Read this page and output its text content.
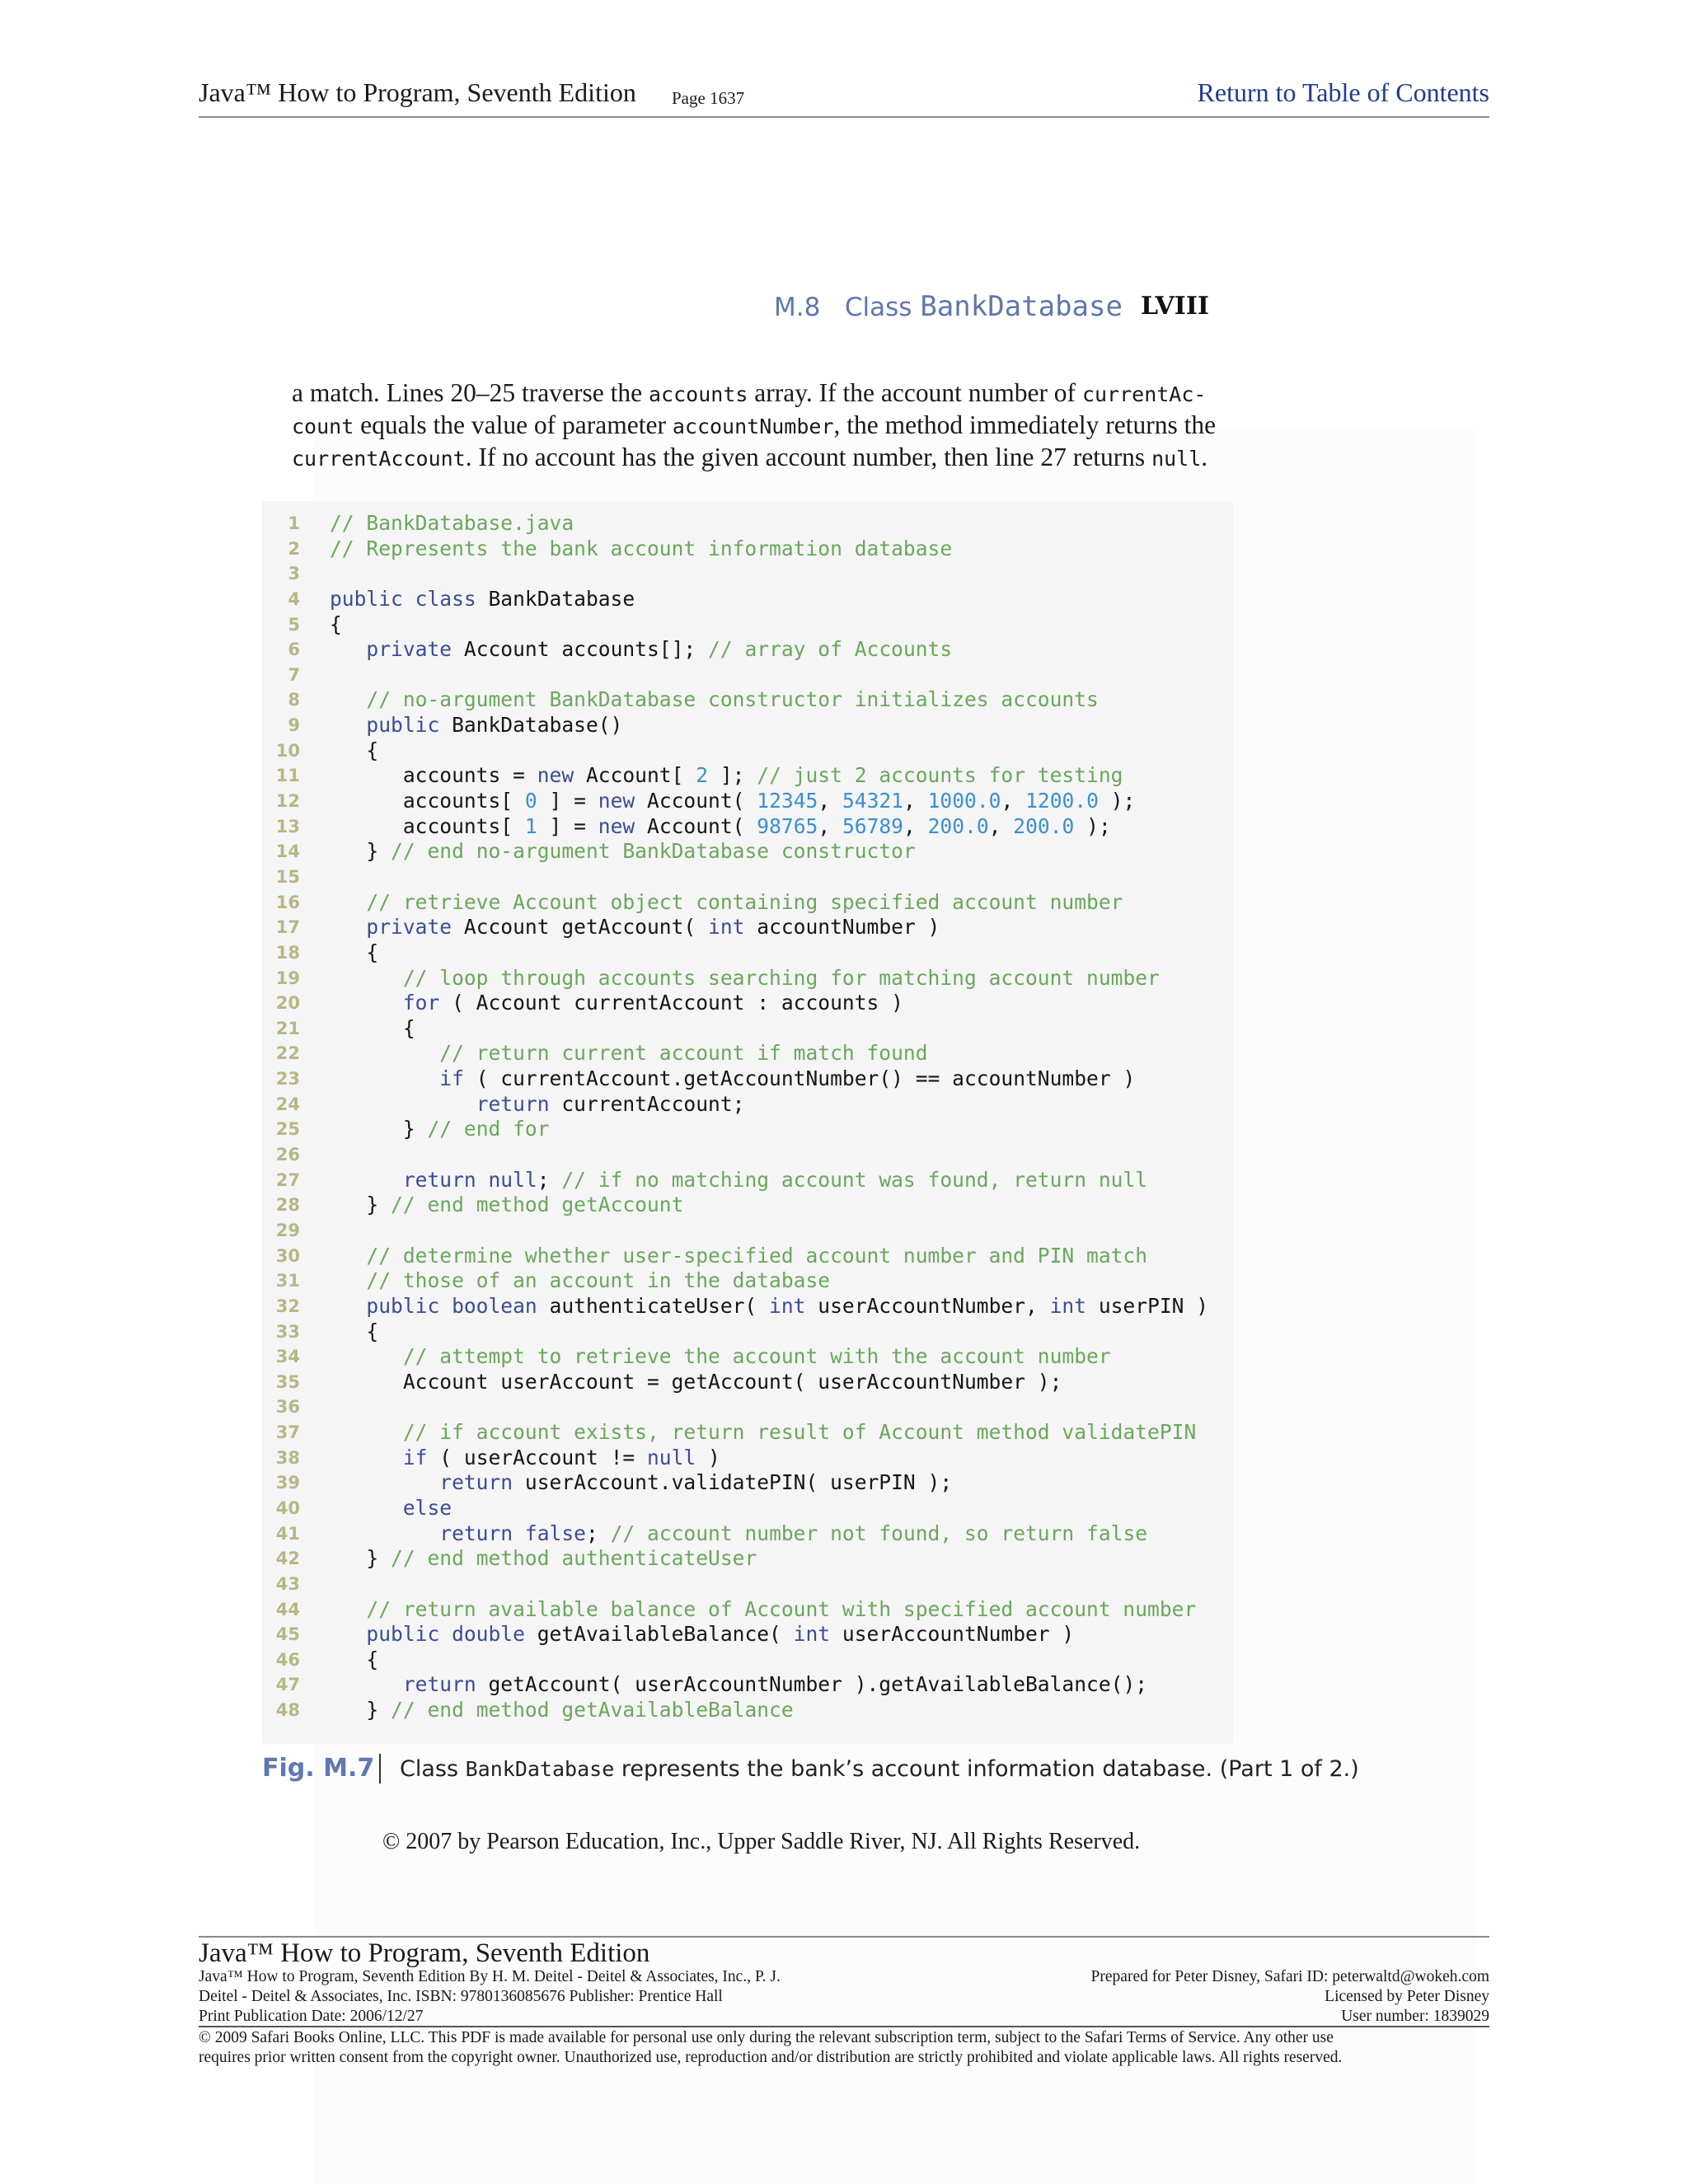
Java™ How to Program, Seventh Edition Page 1637	Return to Table of Contents
M.8 Class BankDatabase LVIII
a match. Lines 20–25 traverse the accounts array. If the account number of currentAc-
count equals the value of parameter accountNumber, the method immediately returns the
currentAccount. If no account has the given account number, then line 27 returns null.
1 // BankDatabase.java
2 // Represents the bank account information database
3
4 public class BankDatabase
5 {
6	private Account accounts[]; // array of Accounts
7
8	// no-argument BankDatabase constructor initializes accounts
9	public BankDatabase()
10 {
11 accounts = new Account[ 2 ]; // just 2 accounts for testing
12 accounts[ 0 ] = new Account( 12345, 54321, 1000.0, 1200.0 );
13 accounts[ 1 ] = new Account( 98765, 56789, 200.0, 200.0 );
14 } // end no-argument BankDatabase constructor
15
16	// retrieve Account object containing specified account number
17	private Account getAccount( int accountNumber )
18 {
19	// loop through accounts searching for matching account number
20	for ( Account currentAccount : accounts )
21 {
22	// return current account if match found
23	if ( currentAccount.getAccountNumber() == accountNumber )
24	return currentAccount;
25 } // end for
26
27	return null; // if no matching account was found, return null
28 } // end method getAccount
29
30	// determine whether user-specified account number and PIN match
31	// those of an account in the database
32	public boolean authenticateUser( int userAccountNumber, int userPIN )
33 {
34	// attempt to retrieve the account with the account number
35 Account userAccount = getAccount( userAccountNumber );
36
37	// if account exists, return result of Account method validatePIN
38	if ( userAccount != null )
39	return userAccount.validatePIN( userPIN );
40	else
41	return false; // account number not found, so return false
42 } // end method authenticateUser
43
44	// return available balance of Account with specified account number
45	public double getAvailableBalance( int userAccountNumber )
46 {
47	return getAccount( userAccountNumber ).getAvailableBalance();
48 } // end method getAvailableBalance
Fig. M.7 Class BankDatabase represents the bank’s account information database. (Part 1 of 2.)
© 2007 by Pearson Education, Inc., Upper Saddle River, NJ. All Rights Reserved.
Java™ How to Program, Seventh Edition
Java™ How to Program, Seventh Edition By H. M. Deitel - Deitel & Associates, Inc., P. J.
Deitel - Deitel & Associates, Inc. ISBN: 9780136085676 Publisher: Prentice Hall
Print Publication Date: 2006/12/27
Prepared for Peter Disney, Safari ID: peterwaltd@wokeh.com
Licensed by Peter Disney
User number: 1839029
© 2009 Safari Books Online, LLC. This PDF is made available for personal use only during the relevant subscription term, subject to the Safari Terms of Service. Any other use
requires prior written consent from the copyright owner. Unauthorized use, reproduction and/or distribution are strictly prohibited and violate applicable laws. All rights reserved.
